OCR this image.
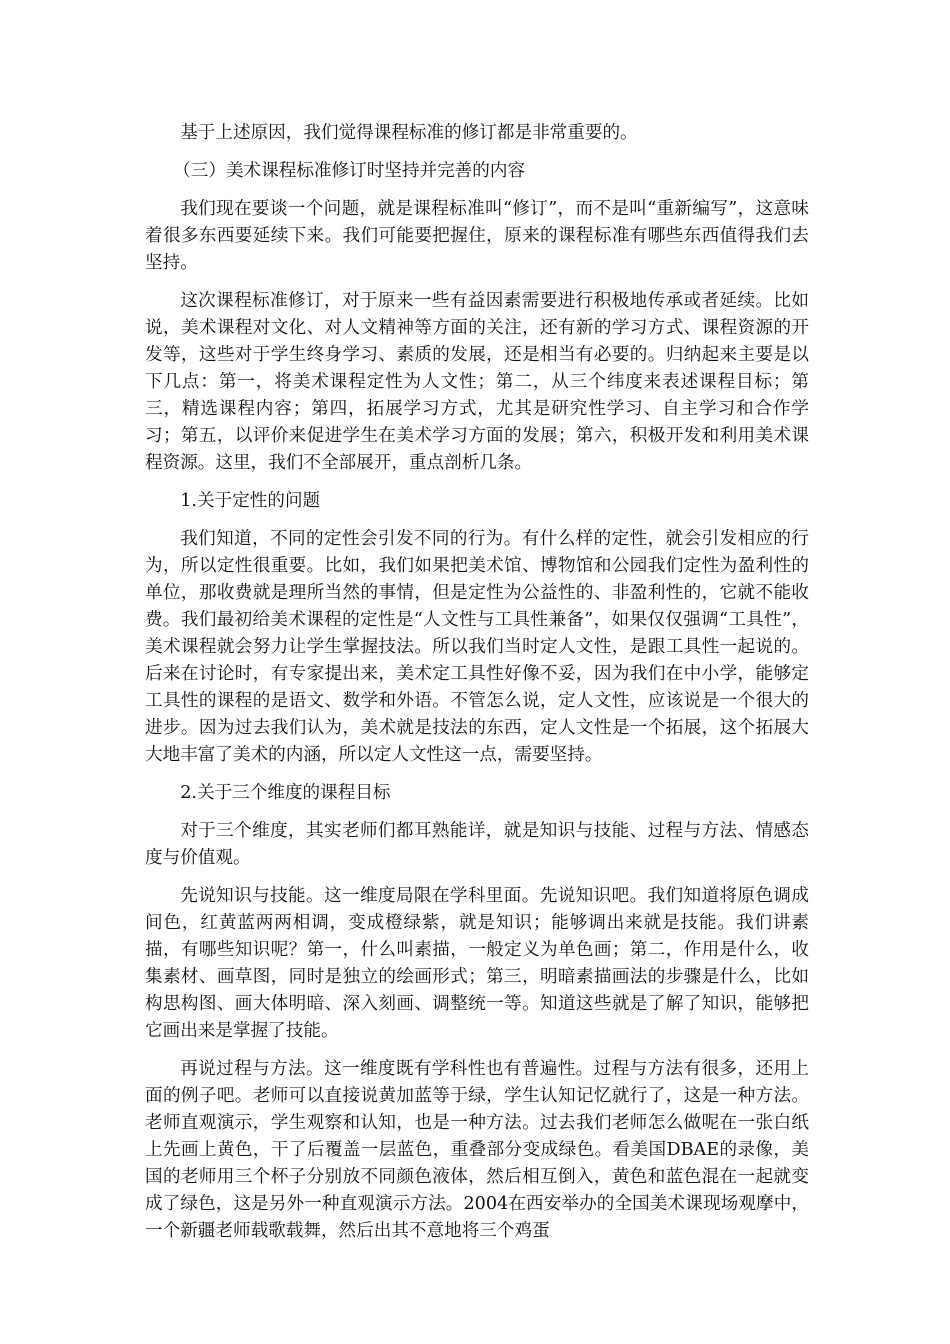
基于上述原因，我们觉得课程标准的修订都是非常重要的。

（三）美术课程标准修订时坚持并完善的内容

我们现在要谈一个问题，就是课程标准叫“修订”，而不是叫“重新编写”，这意味着很多东西要延续下来。我们可能要把握住，原来的课程标准有哪些东西值得我们去坚持。

这次课程标准修订，对于原来一些有益因素需要进行积极地传承或者延续。比如说，美术课程对文化、对人文精神等方面的关注，还有新的学习方式、课程资源的开发等，这些对于学生终身学习、素质的发展，还是相当有必要的。归纳起来主要是以下几点：第一，将美术课程定性为人文性；第二，从三个纬度来表述课程目标；第三，精选课程内容；第四，拓展学习方式，尤其是研究性学习、自主学习和合作学习；第五，以评价来促进学生在美术学习方面的发展；第六，积极开发和利用美术课程资源。这里，我们不全部展开，重点剖析几条。

1.关于定性的问题

我们知道，不同的定性会引发不同的行为。有什么样的定性，就会引发相应的行为，所以定性很重要。比如，我们如果把美术馆、博物馆和公园我们定性为盈利性的单位，那收费就是理所当然的事情，但是定性为公益性的、非盈利性的，它就不能收费。我们最初给美术课程的定性是“人文性与工具性兼备”，如果仅仅强调“工具性”，美术课程就会努力让学生掌握技法。所以我们当时定人文性，是跟工具性一起说的。后来在讨论时，有专家提出来，美术定工具性好像不妥，因为我们在中小学，能够定工具性的课程的是语文、数学和外语。不管怎么说，定人文性，应该说是一个很大的进步。因为过去我们认为，美术就是技法的东西，定人文性是一个拓展，这个拓展大大地丰富了美术的内涵，所以定人文性这一点，需要坚持。

2.关于三个维度的课程目标

对于三个维度，其实老师们都耳熟能详，就是知识与技能、过程与方法、情感态度与价值观。

先说知识与技能。这一维度局限在学科里面。先说知识吧。我们知道将原色调成间色，红黄蓝两两相调，变成橙绿紫，就是知识；能够调出来就是技能。我们讲素描，有哪些知识呢？第一，什么叫素描，一般定义为单色画；第二，作用是什么，收集素材、画草图，同时是独立的绘画形式；第三，明暗素描画法的步骤是什么，比如构思构图、画大体明暗、深入刻画、调整统一等。知道这些就是了解了知识，能够把它画出来是掌握了技能。

再说过程与方法。这一维度既有学科性也有普遍性。过程与方法有很多，还用上面的例子吧。老师可以直接说黄加蓝等于绿，学生认知记忆就行了，这是一种方法。老师直观演示，学生观察和认知，也是一种方法。过去我们老师怎么做呢在一张白纸上先画上黄色，干了后覆盖一层蓝色，重叠部分变成绿色。看美国DBAE的录像，美国的老师用三个杯子分别放不同颜色液体，然后相互倒入，黄色和蓝色混在一起就变成了绿色，这是另外一种直观演示方法。2004在西安举办的全国美术课现场观摩中，一个新疆老师载歌载舞，然后出其不意地将三个鸡蛋
